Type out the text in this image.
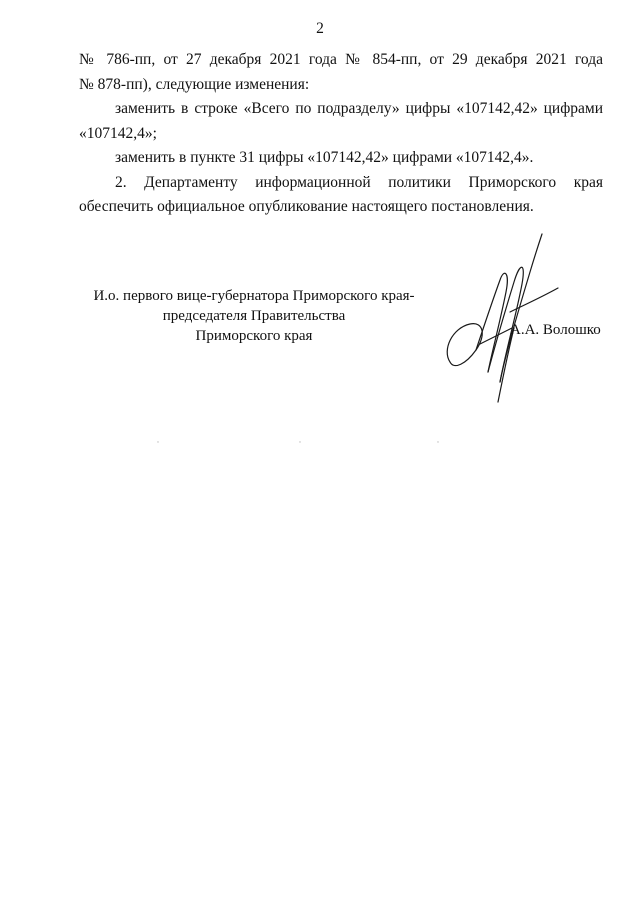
2

№ 786-пп, от 27 декабря 2021 года № 854-пп, от 29 декабря 2021 года

№ 878-пп), следующие изменения:

заменить в строке «Всего по подразделу» цифры «107142,42» цифрами

«107142,4»;

заменить в пункте 31 цифры «107142,42» цифрами «107142,4».

2. Департаменту информационной политики Приморского края

обеспечить официальное опубликование настоящего постановления.

И.о. первого вице-губернатора Приморского края-
председателя Правительства
Приморского края	А.А. Волошко
